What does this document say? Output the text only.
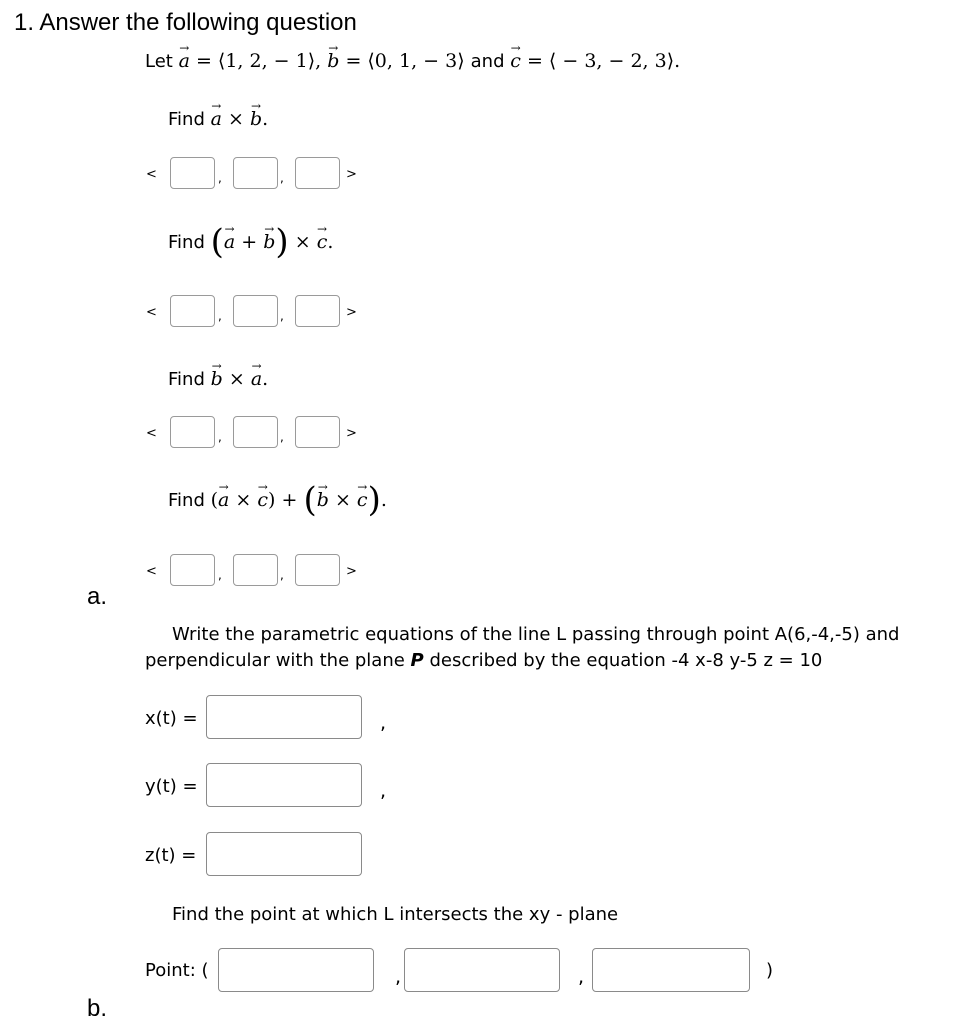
1. Answer the following question
Let → a = ⟨1, 2, − 1⟩, → b = ⟨0, 1, − 3⟩ and → c = ⟨ − 3, − 2, 3⟩.
Find → a × → b.
<	,	,	>
Find (→ a + → b) × → c.
<	,	,	>
Find → b × → a.
<	,	,	>
Find (→ a × → c) + (→ b × → c).
<	,	,	>
a.
Write the parametric equations of the line L passing through point A(6,-4,-5) and
perpendicular with the plane P described by the equation -4 x-8 y-5 z = 10
x(t) =	,
y(t) =	,
z(t) =
Find the point at which L intersects the xy - plane
Point: (	,	,	)
b.
